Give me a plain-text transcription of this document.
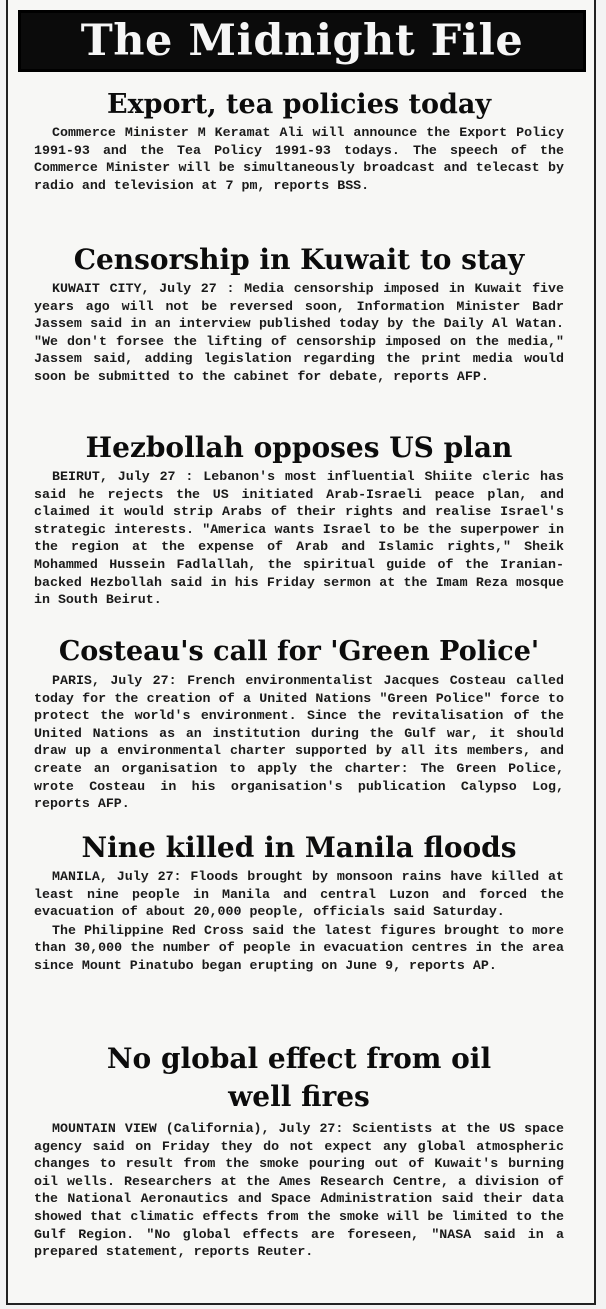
The Midnight File
Export, tea policies today

Commerce Minister M Keramat Ali will announce the Export Policy 1991-93 and the Tea Policy 1991-93 todays. The speech of the Commerce Minister will be simultaneously broadcast and telecast by radio and television at 7 pm, reports BSS.

Censorship in Kuwait to stay

KUWAIT CITY, July 27 : Media censorship imposed in Kuwait five years ago will not be reversed soon, Information Minister Badr Jassem said in an interview published today by the Daily Al Watan. "We don't forsee the lifting of censorship imposed on the media," Jassem said, adding legislation regarding the print media would soon be submitted to the cabinet for debate, reports AFP.

Hezbollah opposes US plan

BEIRUT, July 27 : Lebanon's most influential Shiite cleric has said he rejects the US initiated Arab-Israeli peace plan, and claimed it would strip Arabs of their rights and realise Israel's strategic interests. "America wants Israel to be the superpower in the region at the expense of Arab and Islamic rights," Sheik Mohammed Hussein Fadlallah, the spiritual guide of the Iranian-backed Hezbollah said in his Friday sermon at the Imam Reza mosque in South Beirut.

Costeau's call for 'Green Police'

PARIS, July 27: French environmentalist Jacques Costeau called today for the creation of a United Nations "Green Police" force to protect the world's environment. Since the revitalisation of the United Nations as an institution during the Gulf war, it should draw up a environmental charter supported by all its members, and create an organisation to apply the charter: The Green Police, wrote Costeau in his organisation's publication Calypso Log, reports AFP.

Nine killed in Manila floods

MANILA, July 27: Floods brought by monsoon rains have killed at least nine people in Manila and central Luzon and forced the evacuation of about 20,000 people, officials said Saturday.

The Philippine Red Cross said the latest figures brought to more than 30,000 the number of people in evacuation centres in the area since Mount Pinatubo began erupting on June 9, reports AP.

No global effect from oil well fires

MOUNTAIN VIEW (California), July 27: Scientists at the US space agency said on Friday they do not expect any global atmospheric changes to result from the smoke pouring out of Kuwait's burning oil wells. Researchers at the Ames Research Centre, a division of the National Aeronautics and Space Administration said their data showed that climatic effects from the smoke will be limited to the Gulf Region. "No global effects are foreseen, "NASA said in a prepared statement, reports Reuter.
